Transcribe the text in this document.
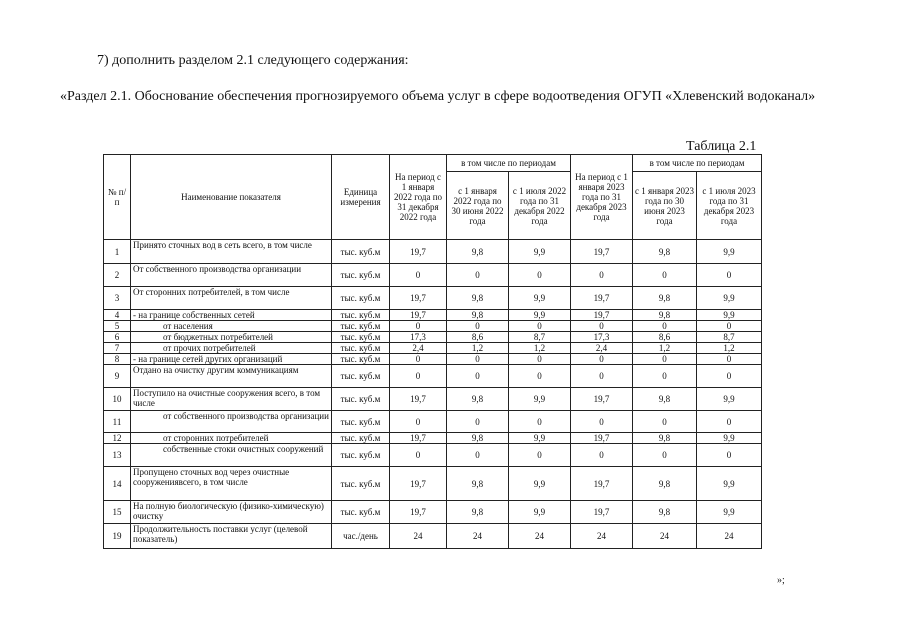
7) дополнить разделом 2.1 следующего содержания:
«Раздел 2.1. Обоснование обеспечения прогнозируемого объема услуг в сфере водоотведения ОГУП «Хлевенский водоканал»
Таблица 2.1
№ п/п	Наименование показателя	Единица измерения	На период с 1 января 2022 года по 31 декабря 2022 года	в том числе по периодам		На период с 1 января 2023 года по 31 декабря 2023 года	в том числе по периодам	
				с 1 января 2022 года по 30 июня 2022 года	с 1 июля 2022 года по 31 декабря 2022 года		с 1 января 2023 года по 30 июня 2023 года	с 1 июля 2023 года по 31 декабря 2023 года
1	Принято сточных вод в сеть всего, в том числе	тыс. куб.м	19,7	9,8	9,9	19,7	9,8	9,9
2	От собственного производства организации	тыс. куб.м	0	0	0	0	0	0
3	От сторонних потребителей, в том числе	тыс. куб.м	19,7	9,8	9,9	19,7	9,8	9,9
4	- на границе собственных сетей	тыс. куб.м	19,7	9,8	9,9	19,7	9,8	9,9
5	от населения	тыс. куб.м	0	0	0	0	0	0
6	от бюджетных потребителей	тыс. куб.м	17,3	8,6	8,7	17,3	8,6	8,7
7	от прочих потребителей	тыс. куб.м	2,4	1,2	1,2	2,4	1,2	1,2
8	- на границе сетей других организаций	тыс. куб.м	0	0	0	0	0	0
9	Отдано на очистку другим коммуникациям	тыс. куб.м	0	0	0	0	0	0
10	Поступило на очистные сооружения всего, в том числе	тыс. куб.м	19,7	9,8	9,9	19,7	9,8	9,9
11	от собственного производства организации	тыс. куб.м	0	0	0	0	0	0
12	от сторонних потребителей	тыс. куб.м	19,7	9,8	9,9	19,7	9,8	9,9
13	собственные стоки очистных сооружений	тыс. куб.м	0	0	0	0	0	0
14	Пропущено сточных вод через очистные сооружениявсего, в том числе	тыс. куб.м	19,7	9,8	9,9	19,7	9,8	9,9
15	На полную биологическую (физико-химическую) очистку	тыс. куб.м	19,7	9,8	9,9	19,7	9,8	9,9
19	Продолжительность поставки услуг (целевой показатель)	час./день	24	24	24	24	24	24
»;
